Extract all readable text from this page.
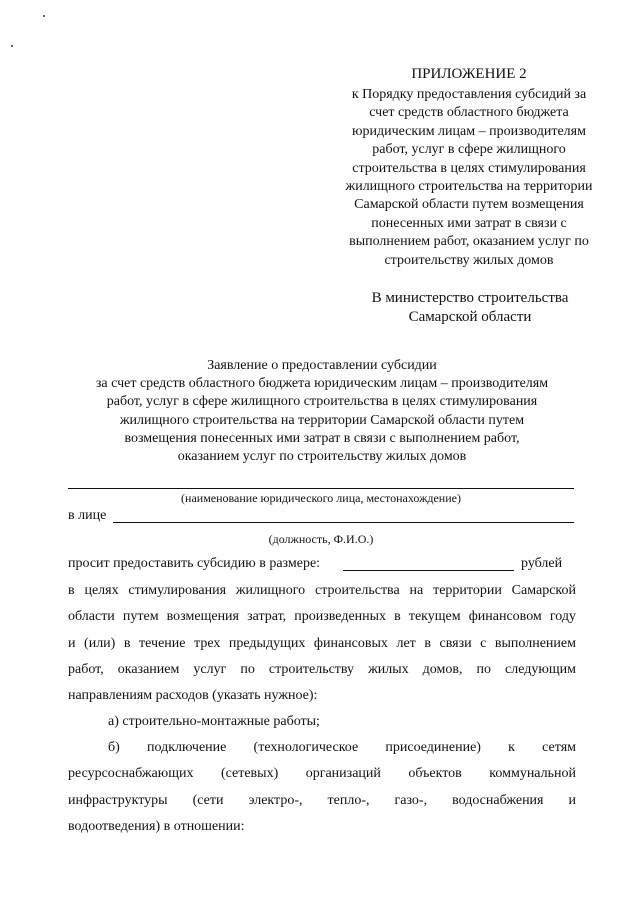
ПРИЛОЖЕНИЕ 2
к Порядку предоставления субсидий за
счет средств областного бюджета
юридическим лицам – производителям
работ, услуг в сфере жилищного
строительства в целях стимулирования
жилищного строительства на территории
Самарской области путем возмещения
понесенных ими затрат в связи с
выполнением работ, оказанием услуг по
строительству жилых домов
В министерство строительства
Самарской области
Заявление о предоставлении субсидии
за счет средств областного бюджета юридическим лицам – производителям
работ, услуг в сфере жилищного строительства в целях стимулирования
жилищного строительства на территории Самарской области путем
возмещения понесенных ими затрат в связи с выполнением работ,
оказанием услуг по строительству жилых домов
(наименование юридического лица, местонахождение)
в лице
(должность, Ф.И.О.)
просит предоставить субсидию в размере:	рублей
в целях стимулирования жилищного строительства на территории Самарской
области путем возмещения затрат, произведенных в текущем финансовом году
и (или) в течение трех предыдущих финансовых лет в связи с выполнением
работ, оказанием услуг по строительству жилых домов, по следующим
направлениям расходов (указать нужное):
а) строительно-монтажные работы;
б) подключение (технологическое присоединение) к сетям
ресурсоснабжающих (сетевых) организаций объектов коммунальной
инфраструктуры (сети электро-, тепло-, газо-, водоснабжения и
водоотведения) в отношении:
